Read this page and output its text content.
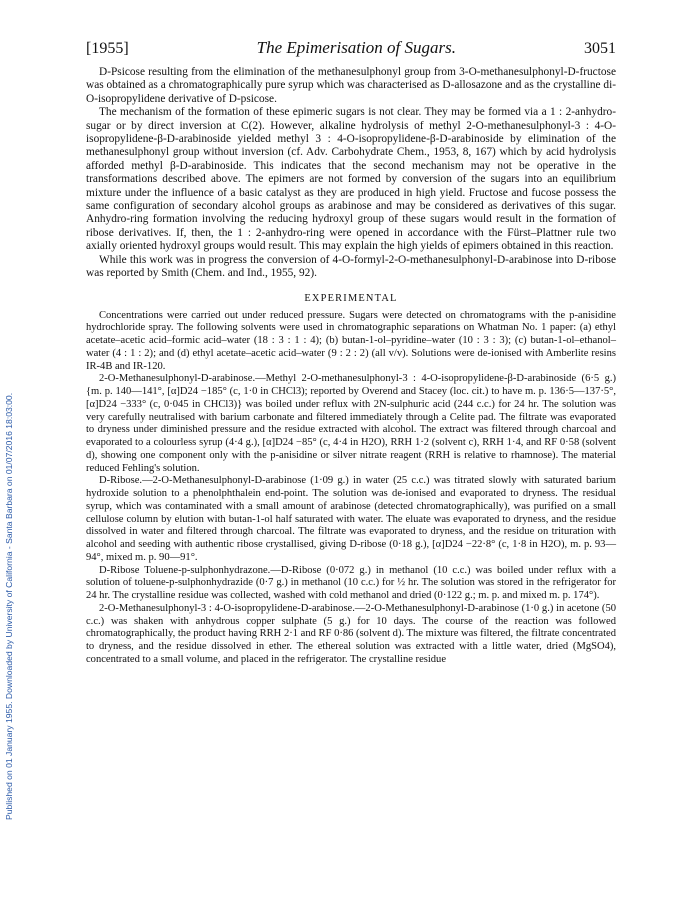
Published on 01 January 1955. Downloaded by University of California - Santa Barbara on 01/07/2016 18:03:00.
[1955]	The Epimerisation of Sugars.	3051

D-Psicose resulting from the elimination of the methanesulphonyl group from 3-O-methanesulphonyl-D-fructose was obtained as a chromatographically pure syrup which was characterised as D-allosazone and as the crystalline di-O-isopropylidene derivative of D-psicose.

The mechanism of the formation of these epimeric sugars is not clear. They may be formed via a 1 : 2-anhydro-sugar or by direct inversion at C(2). However, alkaline hydrolysis of methyl 2-O-methanesulphonyl-3 : 4-O-isopropylidene-β-D-arabinoside yielded methyl 3 : 4-O-isopropylidene-β-D-arabinoside by elimination of the methanesulphonyl group without inversion (cf. Adv. Carbohydrate Chem., 1953, 8, 167) which by acid hydrolysis afforded methyl β-D-arabinoside. This indicates that the second mechanism may not be operative in the transformations described above. The epimers are not formed by conversion of the sugars into an equilibrium mixture under the influence of a basic catalyst as they are produced in high yield. Fructose and fucose possess the same configuration of secondary alcohol groups as arabinose and may be considered as derivatives of this sugar. Anhydro-ring formation involving the reducing hydroxyl group of these sugars would result in the formation of ribose derivatives. If, then, the 1 : 2-anhydro-ring were opened in accordance with the Fürst–Plattner rule two axially oriented hydroxyl groups would result. This may explain the high yields of epimers obtained in this reaction.

While this work was in progress the conversion of 4-O-formyl-2-O-methanesulphonyl-D-arabinose into D-ribose was reported by Smith (Chem. and Ind., 1955, 92).

EXPERIMENTAL

Concentrations were carried out under reduced pressure. Sugars were detected on chromatograms with the p-anisidine hydrochloride spray. The following solvents were used in chromatographic separations on Whatman No. 1 paper: (a) ethyl acetate–acetic acid–formic acid–water (18 : 3 : 1 : 4); (b) butan-1-ol–pyridine–water (10 : 3 : 3); (c) butan-1-ol–ethanol–water (4 : 1 : 2); and (d) ethyl acetate–acetic acid–water (9 : 2 : 2) (all v/v). Solutions were de-ionised with Amberlite resins IR-4B and IR-120.

2-O-Methanesulphonyl-D-arabinose.—Methyl 2-O-methanesulphonyl-3 : 4-O-isopropylidene-β-D-arabinoside (6·5 g.) {m. p. 140—141°, [α]D24 −185° (c, 1·0 in CHCl3); reported by Overend and Stacey (loc. cit.) to have m. p. 136·5—137·5°, [α]D24 −333° (c, 0·045 in CHCl3)} was boiled under reflux with 2N-sulphuric acid (244 c.c.) for 24 hr. The solution was very carefully neutralised with barium carbonate and filtered immediately through a Celite pad. The filtrate was evaporated to dryness under diminished pressure and the residue extracted with alcohol. The extract was filtered through charcoal and evaporated to a colourless syrup (4·4 g.), [α]D24 −85° (c, 4·4 in H2O), RRH 1·2 (solvent c), RRH 1·4, and RF 0·58 (solvent d), showing one component only with the p-anisidine or silver nitrate reagent (RRH is relative to rhamnose). The material reduced Fehling's solution.

D-Ribose.—2-O-Methanesulphonyl-D-arabinose (1·09 g.) in water (25 c.c.) was titrated slowly with saturated barium hydroxide solution to a phenolphthalein end-point. The solution was de-ionised and evaporated to dryness. The residual syrup, which was contaminated with a small amount of arabinose (detected chromatographically), was purified on a small cellulose column by elution with butan-1-ol half saturated with water. The eluate was evaporated to dryness, and the residue dissolved in water and filtered through charcoal. The filtrate was evaporated to dryness, and the residue on trituration with alcohol and seeding with authentic ribose crystallised, giving D-ribose (0·18 g.), [α]D24 −22·8° (c, 1·8 in H2O), m. p. 93—94°, mixed m. p. 90—91°.

D-Ribose Toluene-p-sulphonhydrazone.—D-Ribose (0·072 g.) in methanol (10 c.c.) was boiled under reflux with a solution of toluene-p-sulphonhydrazide (0·7 g.) in methanol (10 c.c.) for ½ hr. The solution was stored in the refrigerator for 24 hr. The crystalline residue was collected, washed with cold methanol and dried (0·122 g.; m. p. and mixed m. p. 174°).

2-O-Methanesulphonyl-3 : 4-O-isopropylidene-D-arabinose.—2-O-Methanesulphonyl-D-arabinose (1·0 g.) in acetone (50 c.c.) was shaken with anhydrous copper sulphate (5 g.) for 10 days. The course of the reaction was followed chromatographically, the product having RRH 2·1 and RF 0·86 (solvent d). The mixture was filtered, the filtrate concentrated to dryness, and the residue dissolved in ether. The ethereal solution was extracted with a little water, dried (MgSO4), concentrated to a small volume, and placed in the refrigerator. The crystalline residue
